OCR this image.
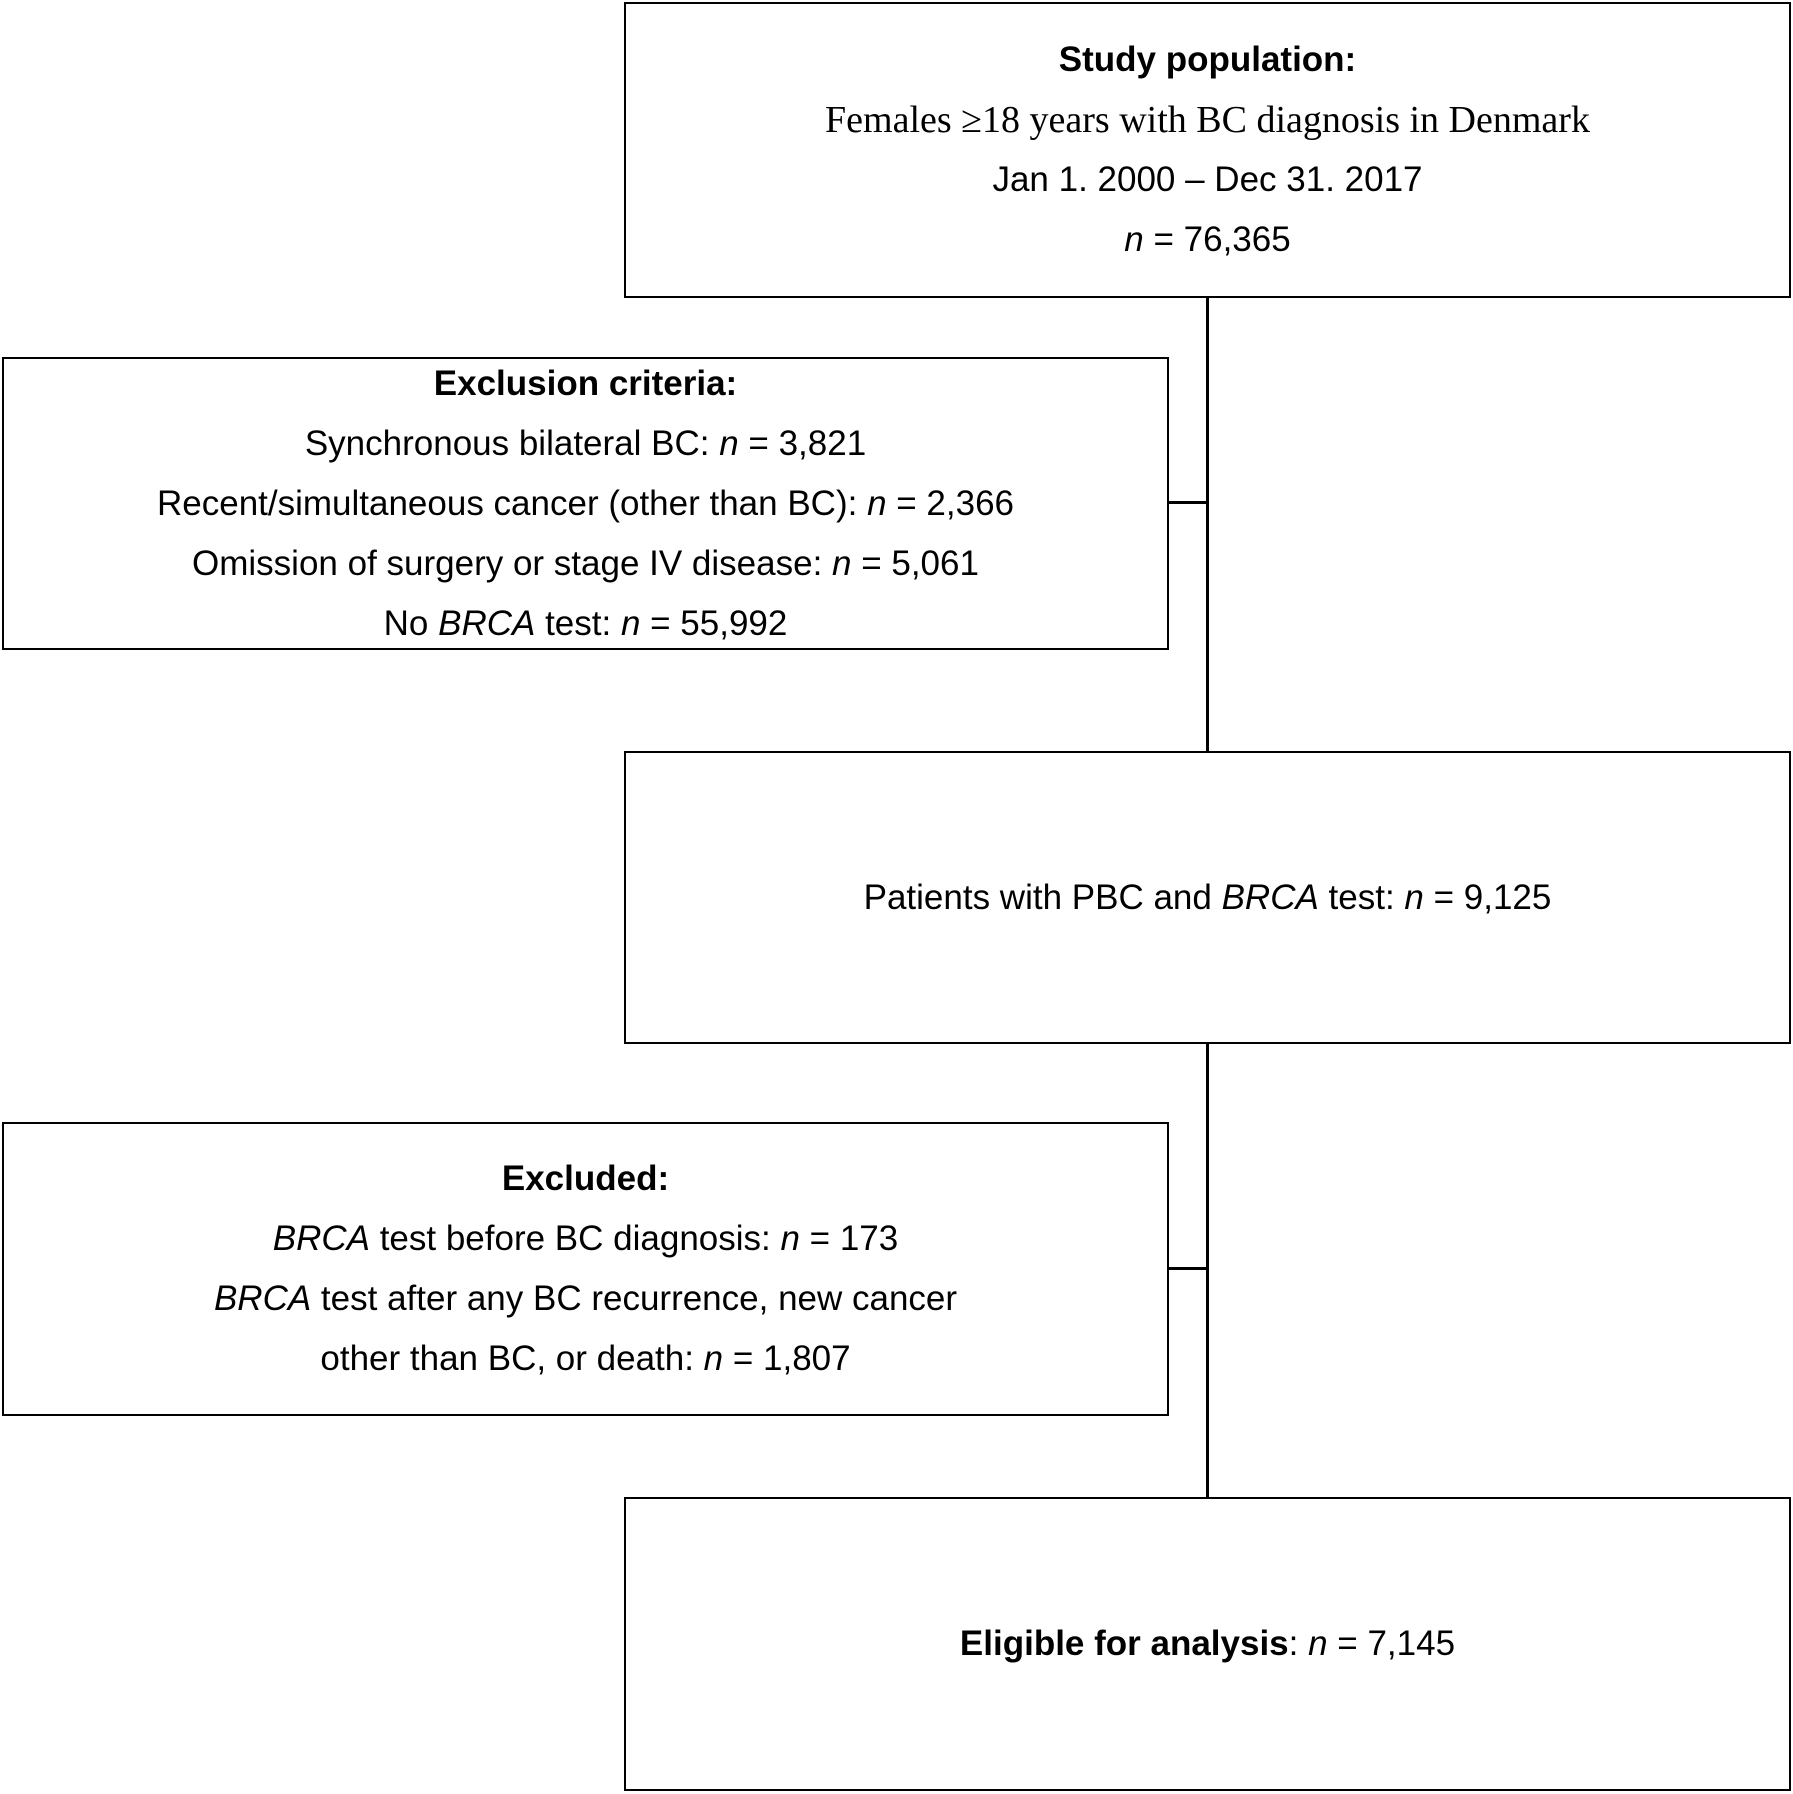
Study population:
Females ≥18 years with BC diagnosis in Denmark
Jan 1. 2000 – Dec 31. 2017
n = 76,365
Exclusion criteria:
Synchronous bilateral BC: n = 3,821
Recent/simultaneous cancer (other than BC): n = 2,366
Omission of surgery or stage IV disease: n = 5,061
No BRCA test: n = 55,992
Patients with PBC and BRCA test: n = 9,125
Excluded:
BRCA test before BC diagnosis: n = 173
BRCA test after any BC recurrence, new cancer
other than BC, or death: n = 1,807
Eligible for analysis: n = 7,145
